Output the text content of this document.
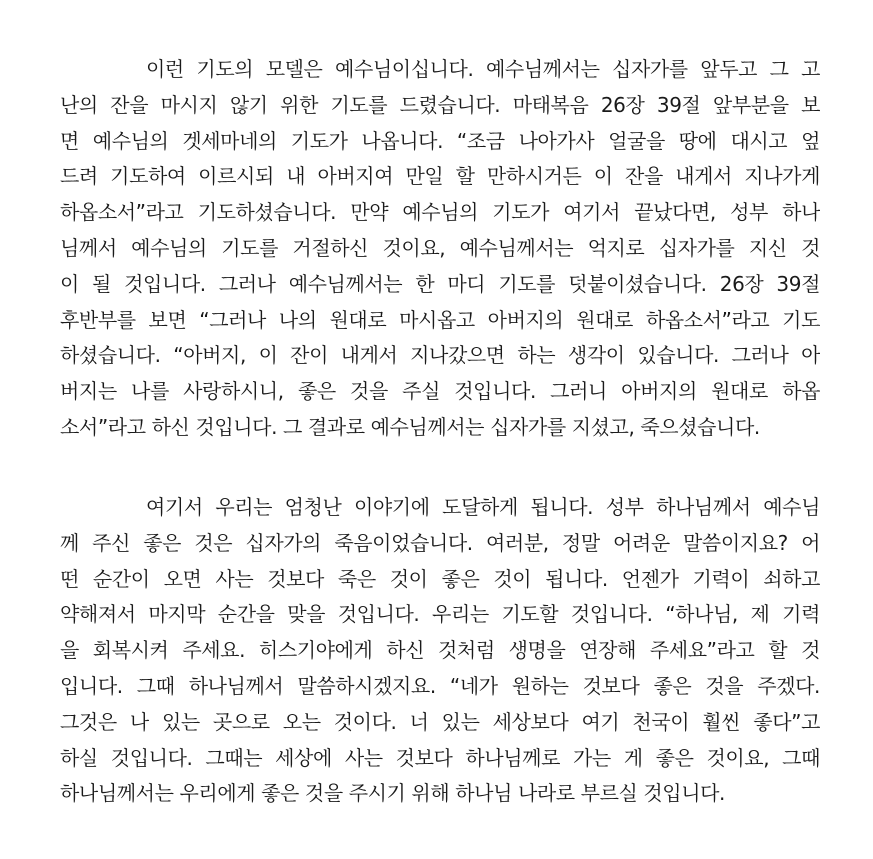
이런 기도의 모델은 예수님이십니다. 예수님께서는 십자가를 앞두고 그 고
난의 잔을 마시지 않기 위한 기도를 드렸습니다. 마태복음 26장 39절 앞부분을 보
면 예수님의 겟세마네의 기도가 나옵니다. “조금 나아가사 얼굴을 땅에 대시고 엎
드려 기도하여 이르시되 내 아버지여 만일 할 만하시거든 이 잔을 내게서 지나가게
하옵소서”라고 기도하셨습니다. 만약 예수님의 기도가 여기서 끝났다면, 성부 하나
님께서 예수님의 기도를 거절하신 것이요, 예수님께서는 억지로 십자가를 지신 것
이 될 것입니다. 그러나 예수님께서는 한 마디 기도를 덧붙이셨습니다. 26장 39절
후반부를 보면 “그러나 나의 원대로 마시옵고 아버지의 원대로 하옵소서”라고 기도
하셨습니다. “아버지, 이 잔이 내게서 지나갔으면 하는 생각이 있습니다. 그러나 아
버지는 나를 사랑하시니, 좋은 것을 주실 것입니다. 그러니 아버지의 원대로 하옵
소서”라고 하신 것입니다. 그 결과로 예수님께서는 십자가를 지셨고, 죽으셨습니다.
여기서 우리는 엄청난 이야기에 도달하게 됩니다. 성부 하나님께서 예수님
께 주신 좋은 것은 십자가의 죽음이었습니다. 여러분, 정말 어려운 말씀이지요? 어
떤 순간이 오면 사는 것보다 죽은 것이 좋은 것이 됩니다. 언젠가 기력이 쇠하고
약해져서 마지막 순간을 맞을 것입니다. 우리는 기도할 것입니다. “하나님, 제 기력
을 회복시켜 주세요. 히스기야에게 하신 것처럼 생명을 연장해 주세요”라고 할 것
입니다. 그때 하나님께서 말씀하시겠지요. “네가 원하는 것보다 좋은 것을 주겠다.
그것은 나 있는 곳으로 오는 것이다. 너 있는 세상보다 여기 천국이 훨씬 좋다”고
하실 것입니다. 그때는 세상에 사는 것보다 하나님께로 가는 게 좋은 것이요, 그때
하나님께서는 우리에게 좋은 것을 주시기 위해 하나님 나라로 부르실 것입니다.
